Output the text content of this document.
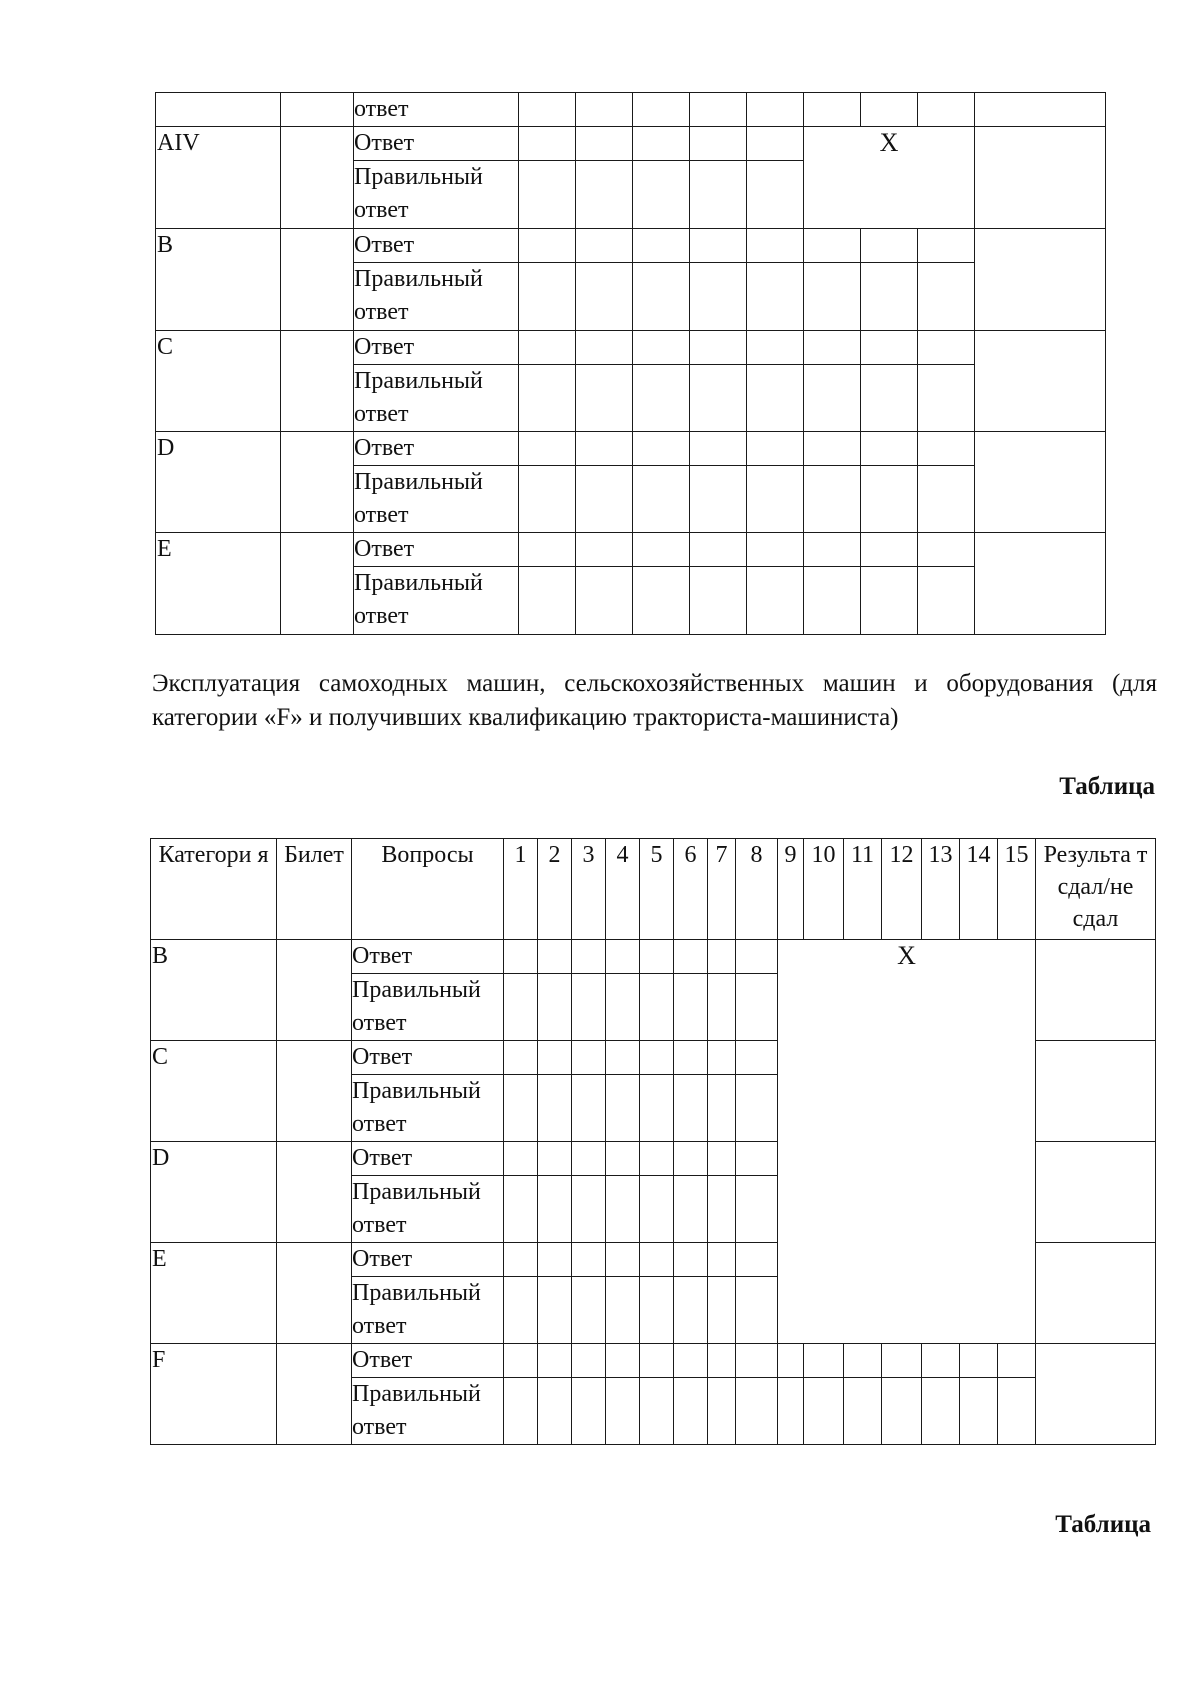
		ответ									
AIV		Ответ						X			
		Правильный ответ									
B		Ответ									
		Правильный ответ									
C		Ответ									
		Правильный ответ									
D		Ответ									
		Правильный ответ									
E		Ответ									
		Правильный ответ									
Эксплуатация самоходных машин, сельскохозяйственных машин и оборудования (для категории «F» и получивших квалификацию тракториста-машиниста)
Таблица
Категори я	Билет	Вопросы	1	2	3	4	5	6	7	8	9	10	11	12	13	14	15	Результа т сдал/не сдал
B		Ответ									X							
		Правильный ответ																
C		Ответ																
		Правильный ответ																
D		Ответ																
		Правильный ответ																
E		Ответ																
		Правильный ответ																
F		Ответ																
		Правильный ответ																
Таблица
